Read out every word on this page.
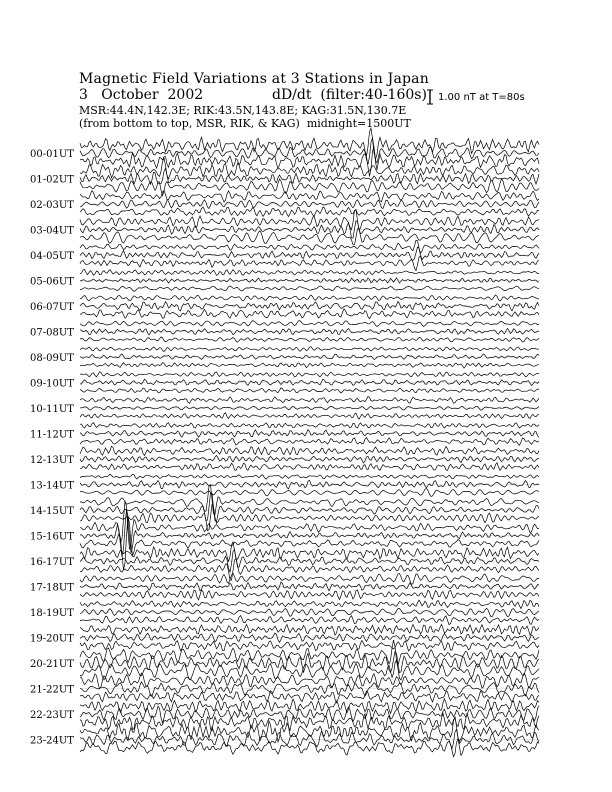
Magnetic Field Variations at 3 Stations in Japan
3 October 2002	dD/dt (filter:40-160s)
MSR:44.4N,142.3E; RIK:43.5N,143.8E; KAG:31.5N,130.7E
(from bottom to top, MSR, RIK, & KAG) midnight=1500UT
1.00 nT at T=80s
00-01UT
01-02UT
02-03UT
03-04UT
04-05UT
05-06UT
06-07UT
07-08UT
08-09UT
09-10UT
10-11UT
11-12UT
12-13UT
13-14UT
14-15UT
15-16UT
16-17UT
17-18UT
18-19UT
19-20UT
20-21UT
21-22UT
22-23UT
23-24UT
